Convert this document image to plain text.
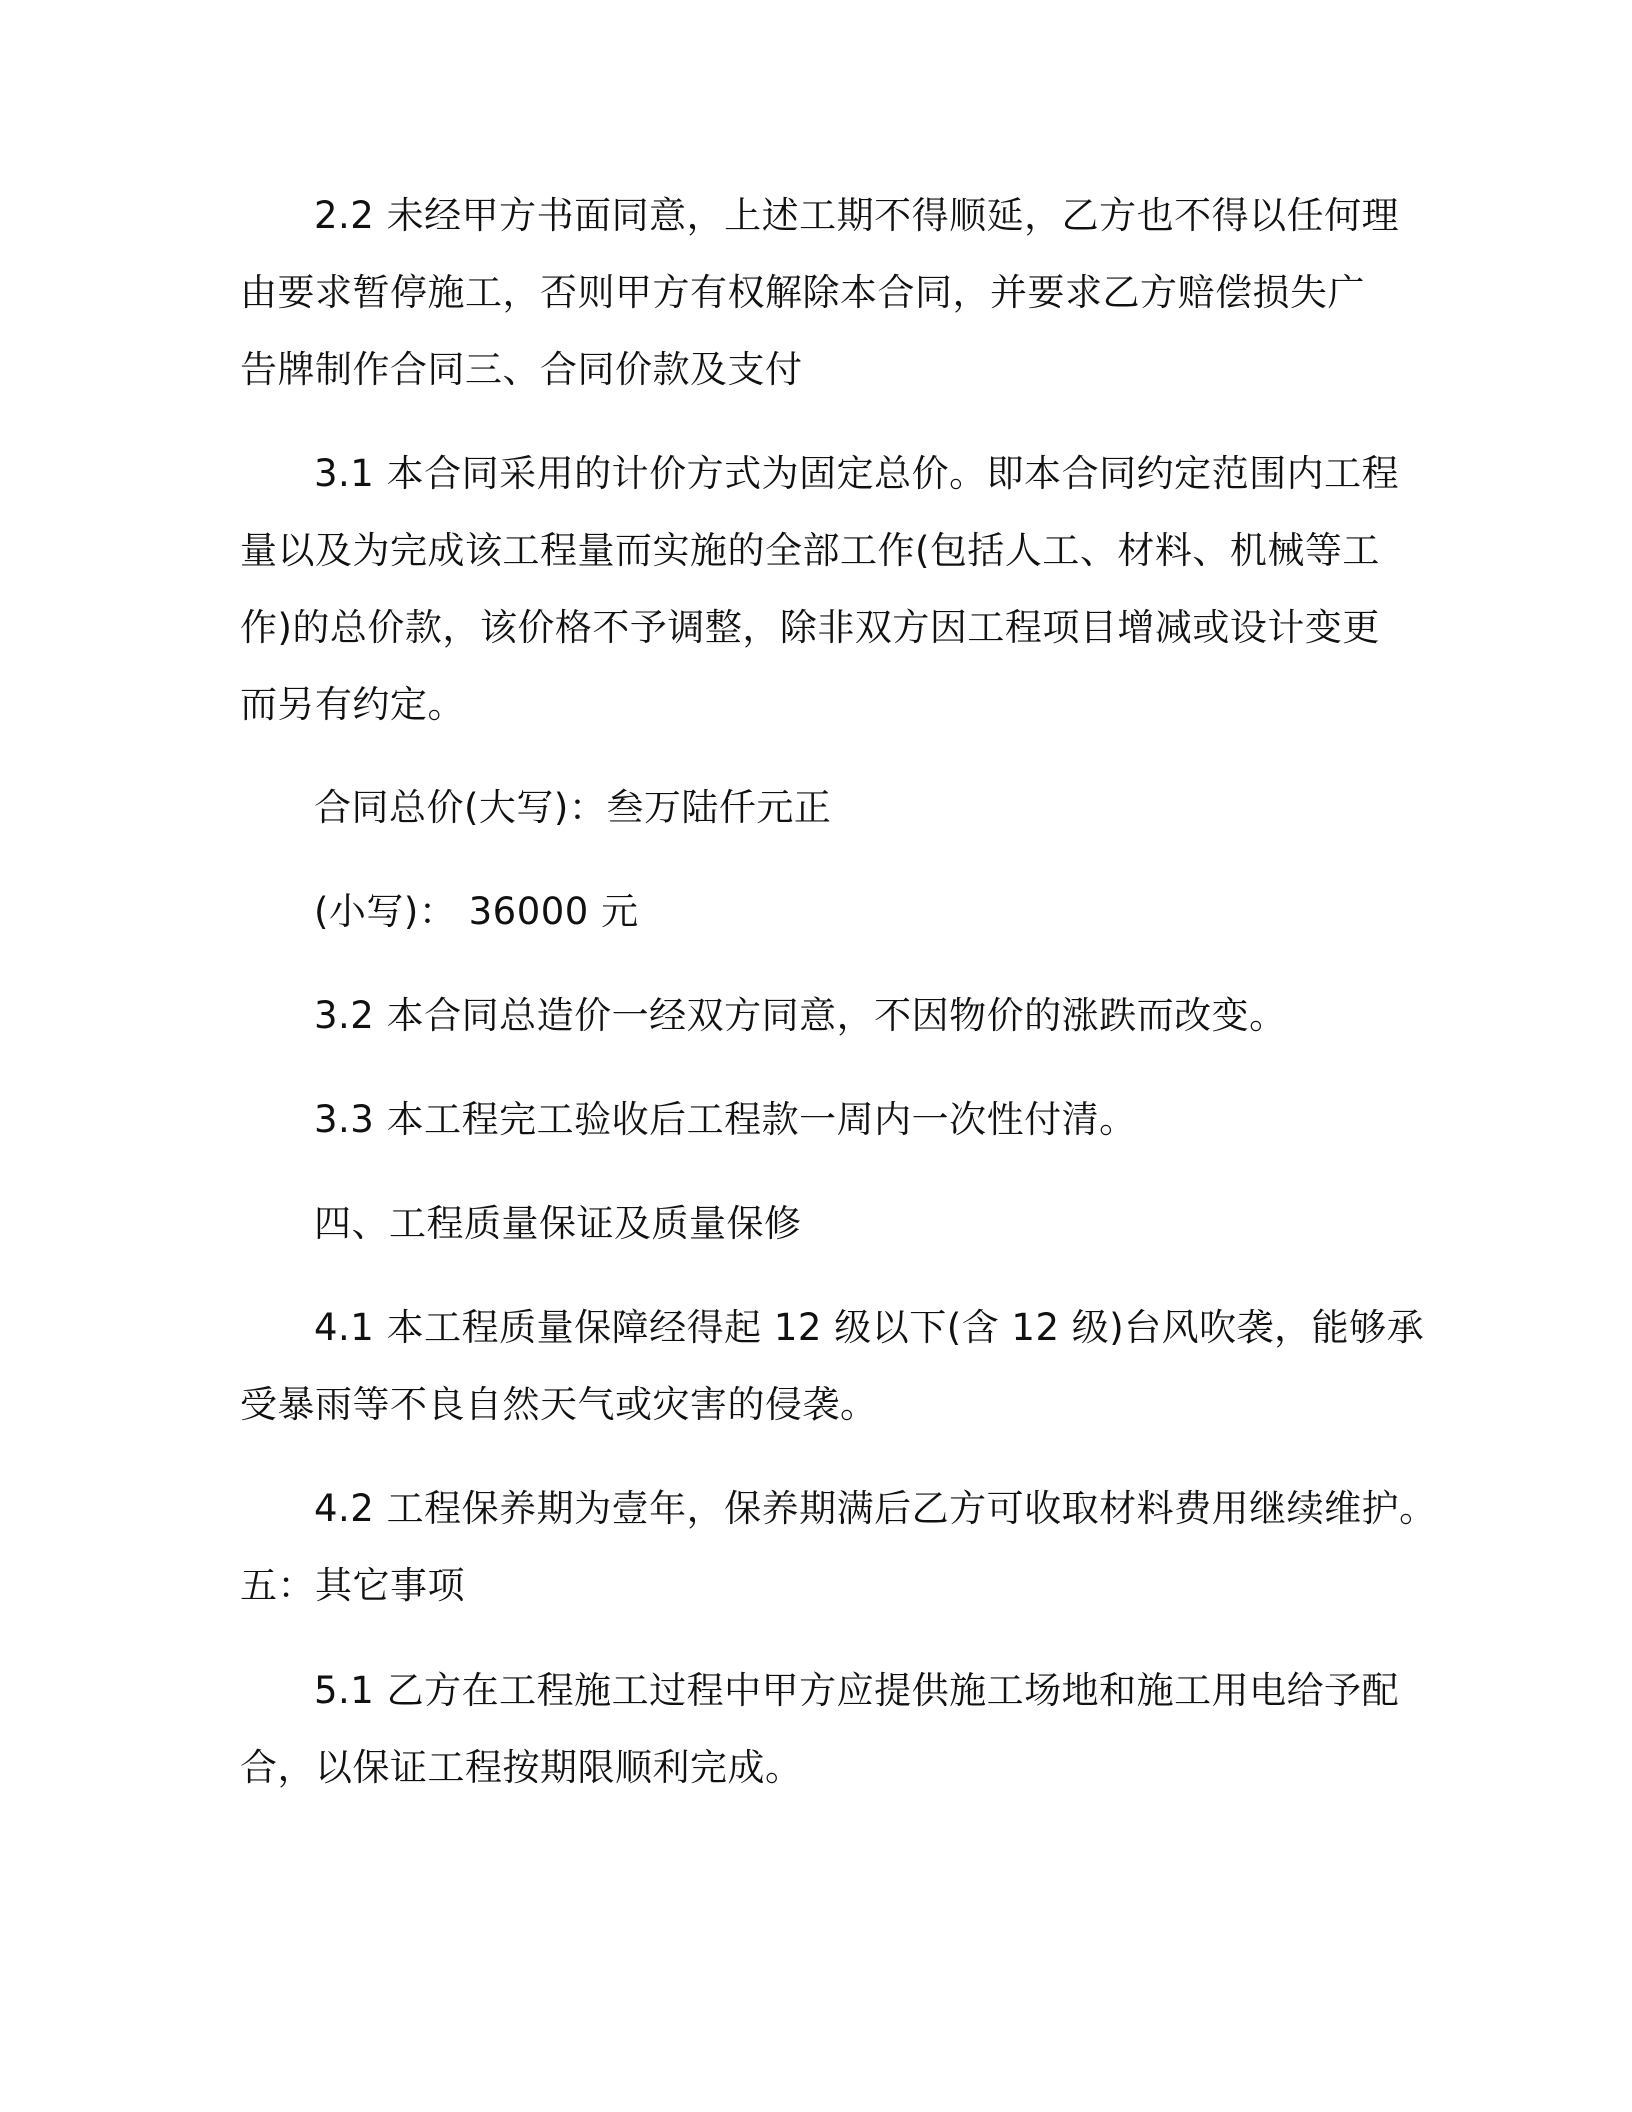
2.2 未经甲方书面同意，上述工期不得顺延，乙方也不得以任何理
由要求暂停施工，否则甲方有权解除本合同，并要求乙方赔偿损失广
告牌制作合同三、合同价款及支付

3.1 本合同采用的计价方式为固定总价。即本合同约定范围内工程
量以及为完成该工程量而实施的全部工作(包括人工、材料、机械等工
作)的总价款，该价格不予调整，除非双方因工程项目增减或设计变更
而另有约定。

合同总价(大写)：叁万陆仟元正

(小写)： 36000 元

3.2 本合同总造价一经双方同意，不因物价的涨跌而改变。

3.3 本工程完工验收后工程款一周内一次性付清。

四、工程质量保证及质量保修

4.1 本工程质量保障经得起 12 级以下(含 12 级)台风吹袭，能够承
受暴雨等不良自然天气或灾害的侵袭。

4.2 工程保养期为壹年，保养期满后乙方可收取材料费用继续维护。
五：其它事项

5.1 乙方在工程施工过程中甲方应提供施工场地和施工用电给予配
合，以保证工程按期限顺利完成。
